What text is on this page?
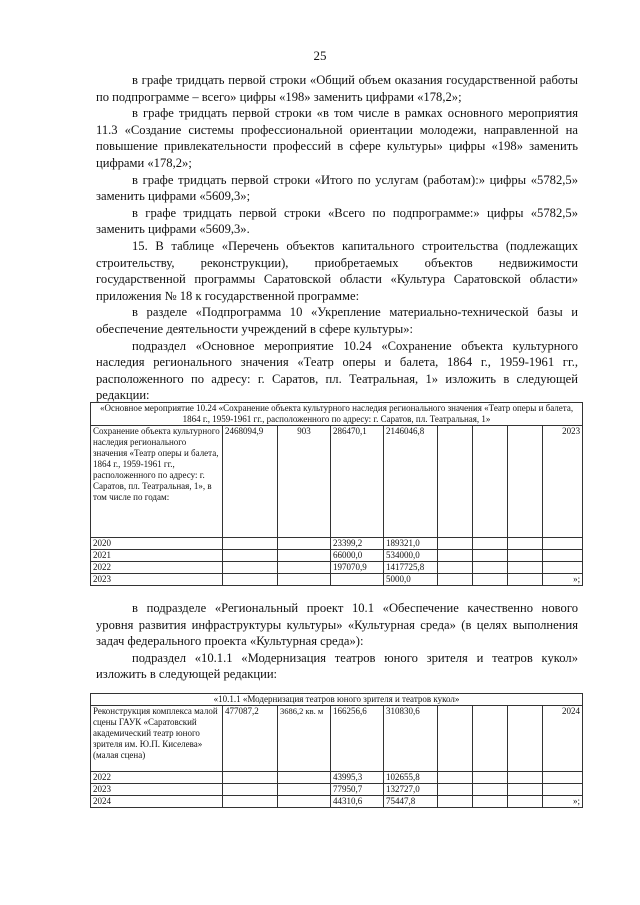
25

в графе тридцать первой строки «Общий объем оказания государственной работы по подпрограмме – всего» цифры «198» заменить цифрами «178,2»;

в графе тридцать первой строки «в том числе в рамках основного мероприятия 11.3 «Создание системы профессиональной ориентации молодежи, направленной на повышение привлекательности профессий в сфере культуры» цифры «198» заменить цифрами «178,2»;

в графе тридцать первой строки «Итого по услугам (работам):» цифры «5782,5» заменить цифрами «5609,3»;

в графе тридцать первой строки «Всего по подпрограмме:» цифры «5782,5» заменить цифрами «5609,3».

15. В таблице «Перечень объектов капитального строительства (подлежащих строительству, реконструкции), приобретаемых объектов недвижимости государственной программы Саратовской области «Культура Саратовской области» приложения № 18 к государственной программе:

в разделе «Подпрограмма 10 «Укрепление материально-технической базы и обеспечение деятельности учреждений в сфере культуры»:

подраздел «Основное мероприятие 10.24 «Сохранение объекта культурного наследия регионального значения «Театр оперы и балета, 1864 г., 1959-1961 гг., расположенного по адресу: г. Саратов, пл. Театральная, 1» изложить в следующей редакции:

«Основное мероприятие 10.24 «Сохранение объекта культурного наследия регионального значения «Театр оперы и балета, 1864 г., 1959-1961 гг., расположенного по адресу: г. Саратов, пл. Театральная, 1»								
Сохранение объекта культурного наследия регионального значения «Театр оперы и балета, 1864 г., 1959-1961 гг., расположенного по адресу: г. Саратов, пл. Театральная, 1», в том числе по годам:	2468094,9	903	286470,1	2146046,8				2023
2020			23399,2	189321,0				
2021			66000,0	534000,0				
2022			197070,9	1417725,8				
2023				5000,0				»;

в подразделе «Региональный проект 10.1 «Обеспечение качественно нового уровня развития инфраструктуры культуры» «Культурная среда» (в целях выполнения задач федерального проекта «Культурная среда»):

подраздел «10.1.1 «Модернизация театров юного зрителя и театров кукол» изложить в следующей редакции:

«10.1.1 «Модернизация театров юного зрителя и театров кукол»								
Реконструкция комплекса малой сцены ГАУК «Саратовский академический театр юного зрителя им. Ю.П. Киселева» (малая сцена)	477087,2	3686,2 кв. м	166256,6	310830,6				2024
2022			43995,3	102655,8				
2023			77950,7	132727,0				
2024			44310,6	75447,8				»;
